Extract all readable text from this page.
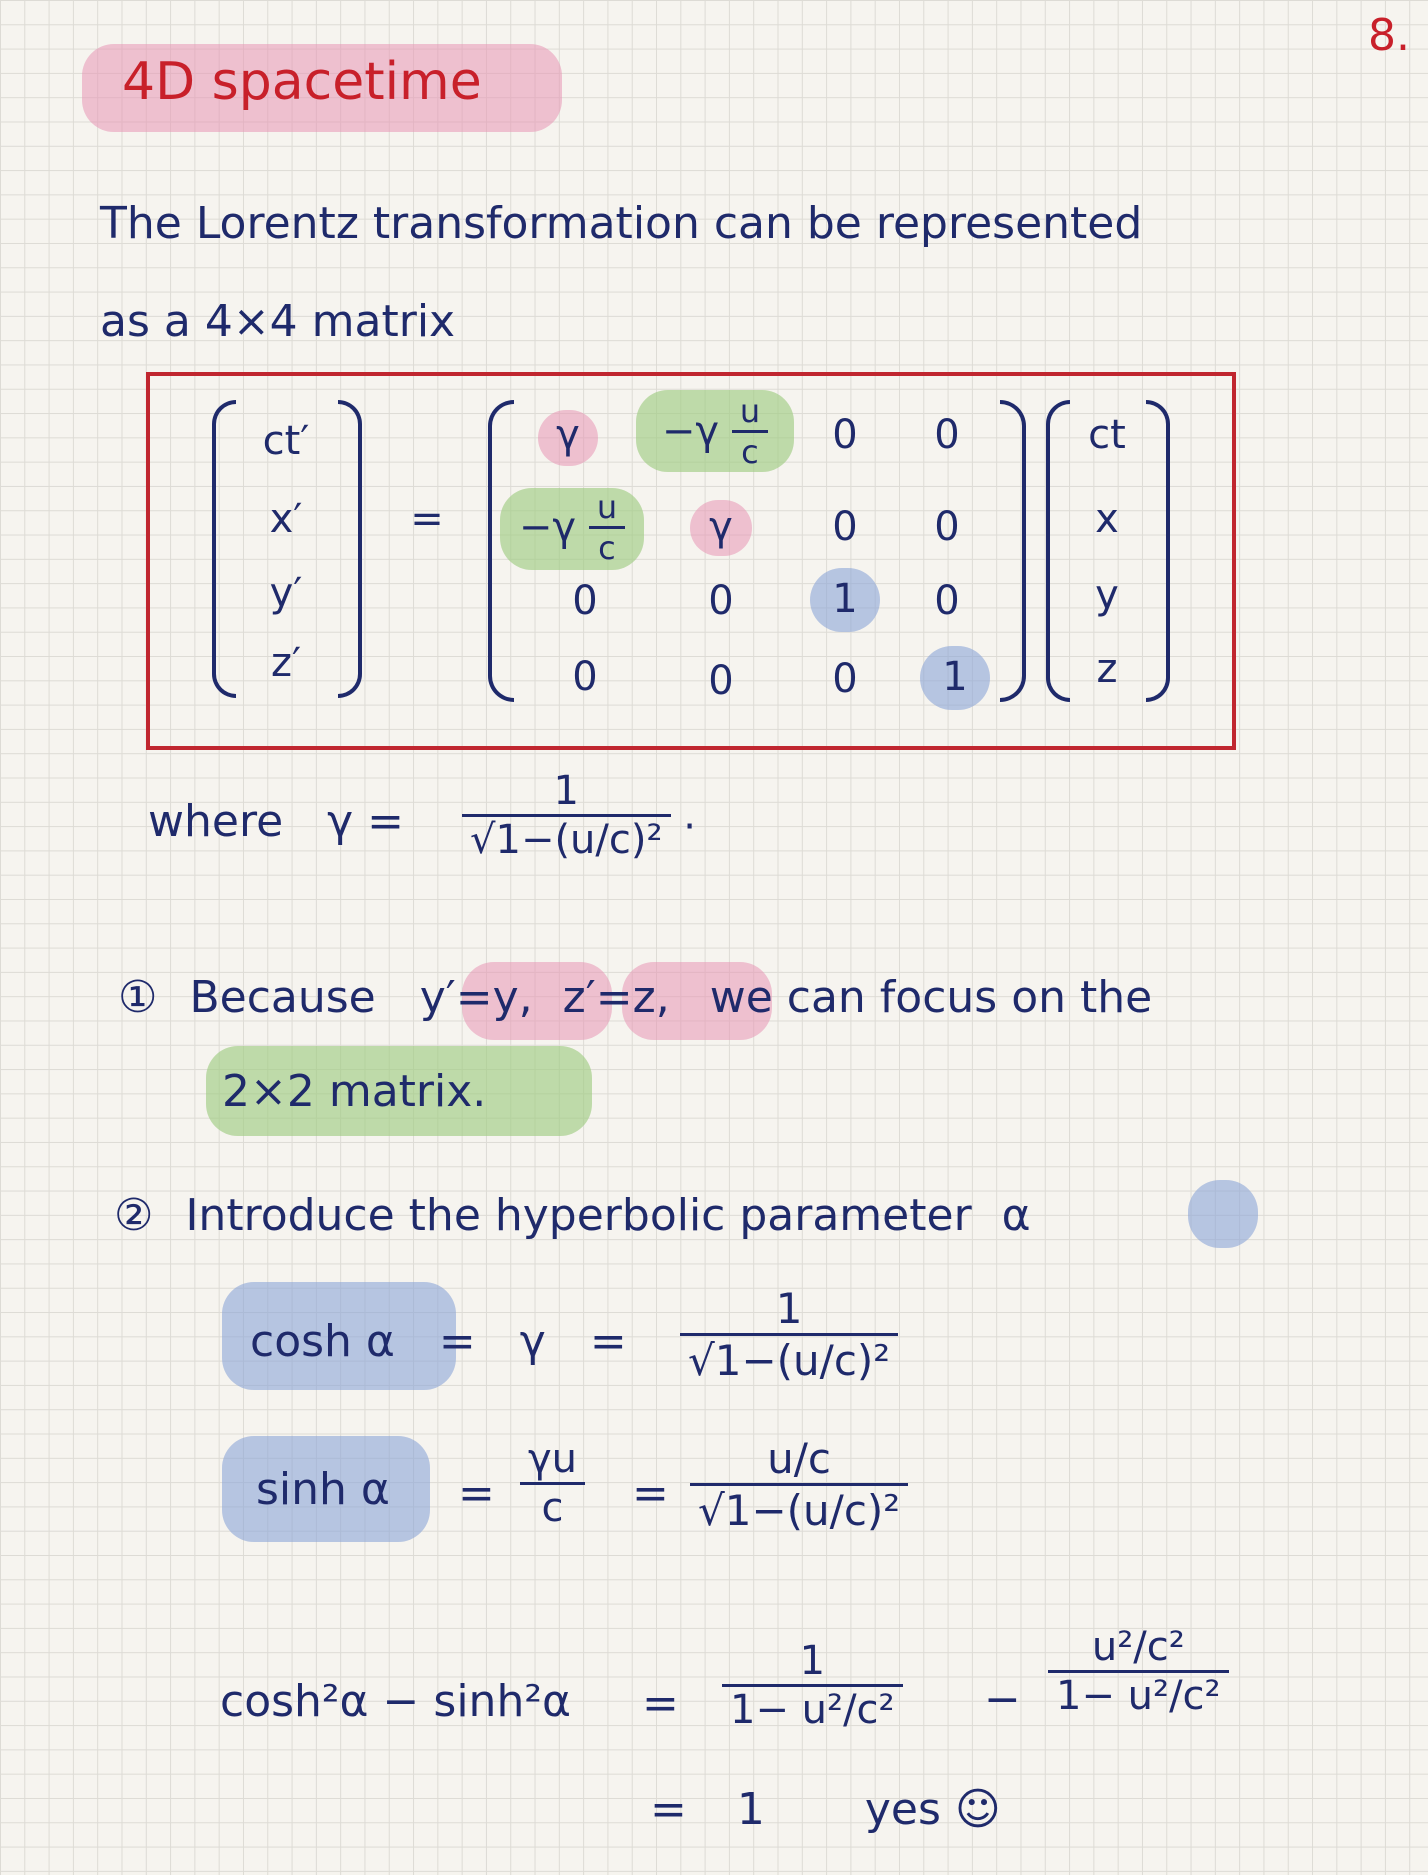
8.
4D spacetime
The Lorentz transformation can be represented
as a 4×4 matrix
ct′
x′
y′
z′
=
γ	$-\gamma \frac{u}{c}$	0	0
$-\gamma \frac{u}{c}$	γ	0	0
0	0	1	0
0	0	0	1
ct
x
y
z
where $\gamma = \frac{1}{\text{√1−(u/c)²}}$ .
① Because y′=y, z′=z, we can focus on the
2×2 matrix.
② Introduce the hyperbolic parameter α
$\cosh \alpha = \gamma = \frac{1}{\text{√1−(u/c)²}}$
$\sinh \alpha = \frac{\gamma u}{c} = \frac{u/c}{\text{√1−(u/c)²}}$
$\cosh^2\alpha - \sinh^2\alpha = \frac{1}{\text{1− u²/c²}} - \frac{\text{u²/c²}}{\text{1− u²/c²}}$
= 1 yes ☺
